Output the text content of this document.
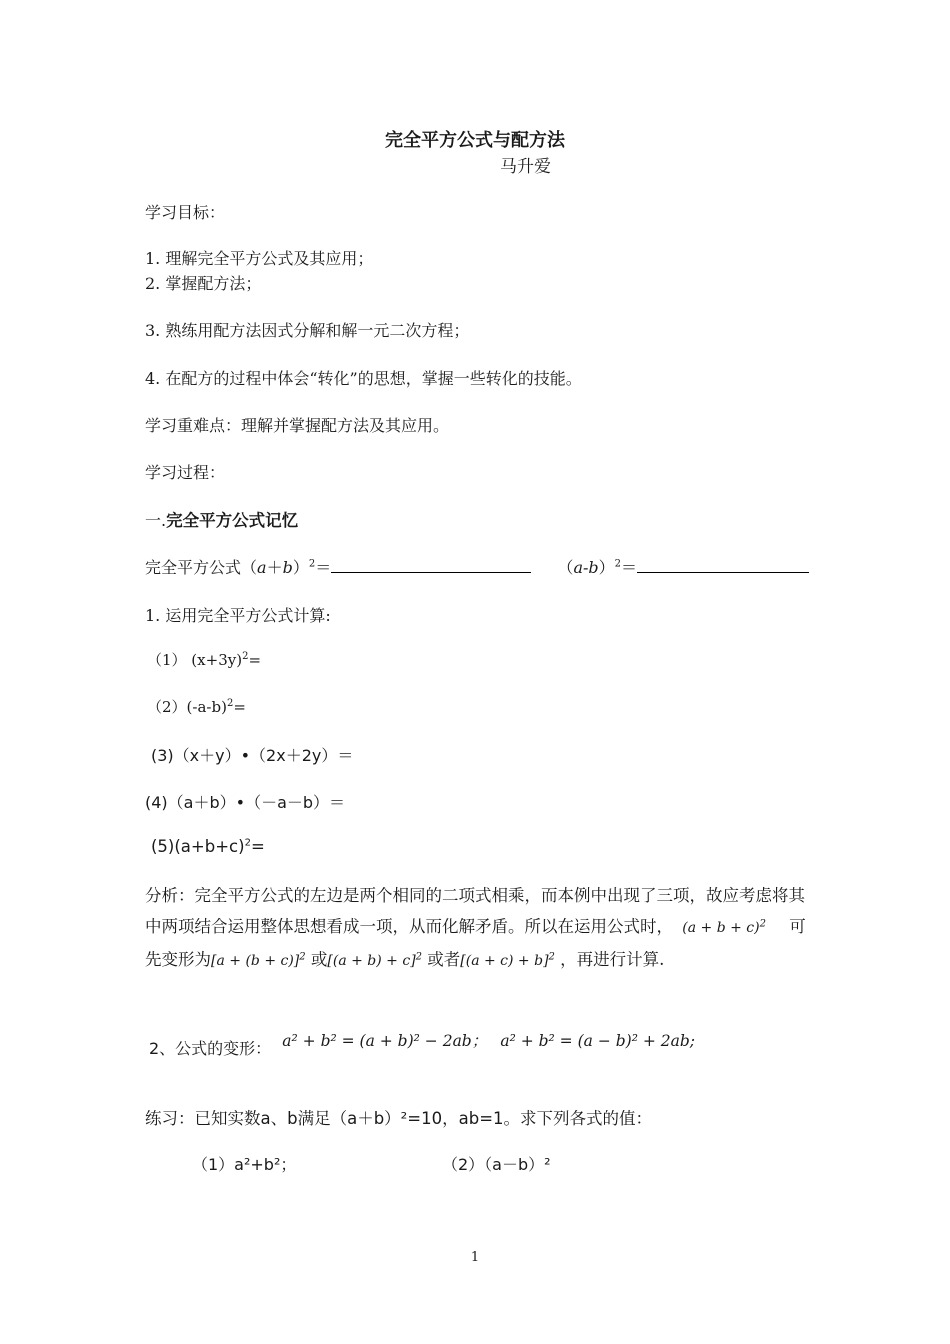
完全平方公式与配方法
马升爱
学习目标：
1. 理解完全平方公式及其应用；
2. 掌握配方法；
3. 熟练用配方法因式分解和解一元二次方程；
4. 在配方的过程中体会“转化”的思想，掌握一些转化的技能。
学习重难点：理解并掌握配方法及其应用。
学习过程：
一.完全平方公式记忆
完全平方公式$(a+b)^2=$	$(a-b)^2=$
1. 运用完全平方公式计算:
（1） $(x+3y)^2=$
$(2)(-a-b)^2=$
(3)（x＋y）•（2x＋2y）＝
(4)（a＋b）•（－a－b）＝
$(5)(a+b+c)^2=$
分析：完全平方公式的左边是两个相同的二项式相乘，而本例中出现了三项，故应考虑将其中两项结合运用整体思想看成一项，从而化解矛盾。所以在运用公式时， $(a + b + c)^2$ 可先变形为$[a + (b + c)]^2$ 或$[(a + b) + c]^2$ 或者$[(a + c) + b]^2$ ，再进行计算.
2、公式的变形： a² + b² = (a + b)² − 2ab； a² + b² = (a − b)² + 2ab;
练习：已知实数a、b满足（a＋b）²=10，ab=1。求下列各式的值：
（1）a²+b²；	（2）（a－b）²
1
